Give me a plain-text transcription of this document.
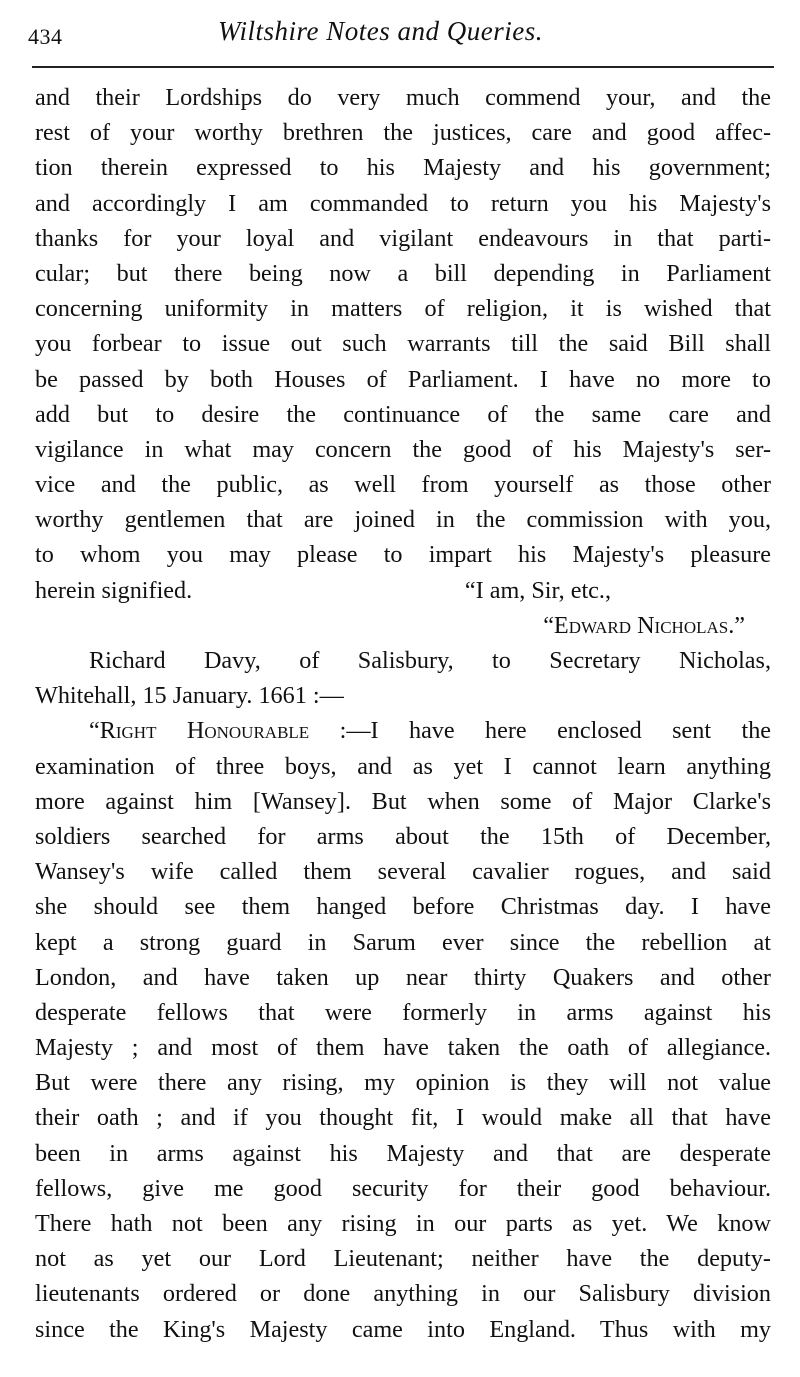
434	Wiltshire Notes and Queries.
and their Lordships do very much commend your, and the
rest of your worthy brethren the justices, care and good affec-
tion therein expressed to his Majesty and his government;
and accordingly I am commanded to return you his Majesty's
thanks for your loyal and vigilant endeavours in that parti-
cular; but there being now a bill depending in Parliament
concerning uniformity in matters of religion, it is wished that
you forbear to issue out such warrants till the said Bill shall
be passed by both Houses of Parliament. I have no more to
add but to desire the continuance of the same care and
vigilance in what may concern the good of his Majesty's ser-
vice and the public, as well from yourself as those other
worthy gentlemen that are joined in the commission with you,
to whom you may please to impart his Majesty's pleasure
herein signified.	“I am, Sir, etc.,
“Edward Nicholas.”
Richard Davy, of Salisbury, to Secretary Nicholas,
Whitehall, 15 January. 1661 :—
“Right Honourable :—I have here enclosed sent the
examination of three boys, and as yet I cannot learn anything
more against him [Wansey]. But when some of Major Clarke's
soldiers searched for arms about the 15th of December,
Wansey's wife called them several cavalier rogues, and said
she should see them hanged before Christmas day. I have
kept a strong guard in Sarum ever since the rebellion at
London, and have taken up near thirty Quakers and other
desperate fellows that were formerly in arms against his
Majesty ; and most of them have taken the oath of allegiance.
But were there any rising, my opinion is they will not value
their oath ; and if you thought fit, I would make all that have
been in arms against his Majesty and that are desperate
fellows, give me good security for their good behaviour.
There hath not been any rising in our parts as yet. We know
not as yet our Lord Lieutenant; neither have the deputy-
lieutenants ordered or done anything in our Salisbury division
since the King's Majesty came into England. Thus with my
